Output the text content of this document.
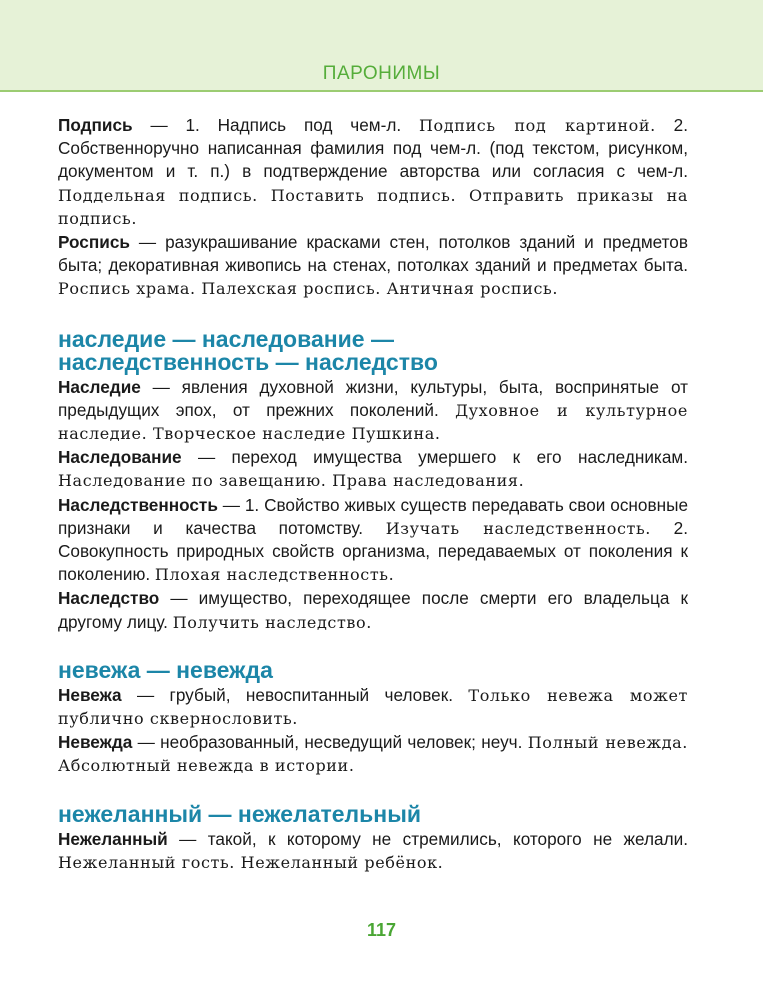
ПАРОНИМЫ

Подпись — 1. Надпись под чем-л. Подпись под картиной. 2. Собственноручно написанная фамилия под чем-л. (под текстом, рисунком, документом и т. п.) в подтверждение авторства или согласия с чем-л. Поддельная подпись. Поставить подпись. Отправить приказы на подпись.

Роспись — разукрашивание красками стен, потолков зданий и предметов быта; декоративная живопись на стенах, потолках зданий и предметах быта. Роспись храма. Палехская роспись. Античная роспись.

наследие — наследование —
наследственность — наследство

Наследие — явления духовной жизни, культуры, быта, воспринятые от предыдущих эпох, от прежних поколений. Духовное и культурное наследие. Творческое наследие Пушкина.

Наследование — переход имущества умершего к его наследникам. Наследование по завещанию. Права наследования.

Наследственность — 1. Свойство живых существ передавать свои основные признаки и качества потомству. Изучать наследственность. 2. Совокупность природных свойств организма, передаваемых от поколения к поколению. Плохая наследственность.

Наследство — имущество, переходящее после смерти его владельца к другому лицу. Получить наследство.

невежа — невежда

Невежа — грубый, невоспитанный человек. Только невежа может публично сквернословить.

Невежда — необразованный, несведущий человек; неуч. Полный невежда. Абсолютный невежда в истории.

нежеланный — нежелательный

Нежеланный — такой, к которому не стремились, которого не желали. Нежеланный гость. Нежеланный ребёнок.

117
